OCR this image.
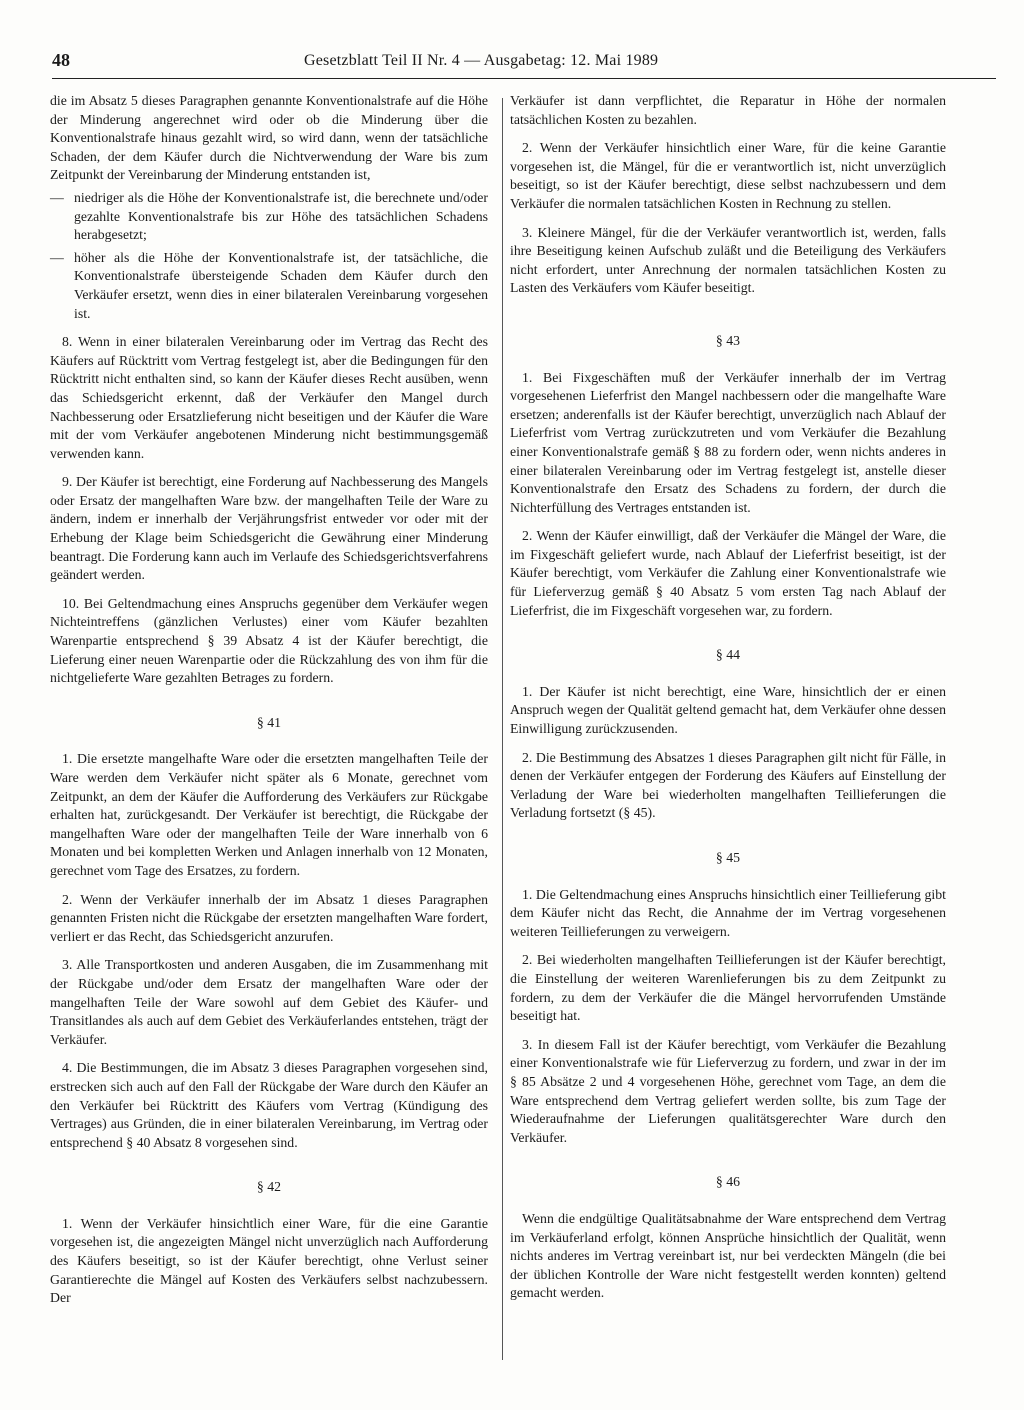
48	Gesetzblatt Teil II Nr. 4 — Ausgabetag: 12. Mai 1989

die im Absatz 5 dieses Paragraphen genannte Konventionalstrafe auf die Höhe der Minderung angerechnet wird oder ob die Minderung über die Konventionalstrafe hinaus gezahlt wird, so wird dann, wenn der tatsächliche Schaden, der dem Käufer durch die Nichtverwendung der Ware bis zum Zeitpunkt der Vereinbarung der Minderung entstanden ist,

— niedriger als die Höhe der Konventionalstrafe ist, die berechnete und/oder gezahlte Konventionalstrafe bis zur Höhe des tatsächlichen Schadens herabgesetzt;
— höher als die Höhe der Konventionalstrafe ist, der tatsächliche, die Konventionalstrafe übersteigende Schaden dem Käufer durch den Verkäufer ersetzt, wenn dies in einer bilateralen Vereinbarung vorgesehen ist.

8. Wenn in einer bilateralen Vereinbarung oder im Vertrag das Recht des Käufers auf Rücktritt vom Vertrag festgelegt ist, aber die Bedingungen für den Rücktritt nicht enthalten sind, so kann der Käufer dieses Recht ausüben, wenn das Schiedsgericht erkennt, daß der Verkäufer den Mangel durch Nachbesserung oder Ersatzlieferung nicht beseitigen und der Käufer die Ware mit der vom Verkäufer angebotenen Minderung nicht bestimmungsgemäß verwenden kann.

9. Der Käufer ist berechtigt, eine Forderung auf Nachbesserung des Mangels oder Ersatz der mangelhaften Ware bzw. der mangelhaften Teile der Ware zu ändern, indem er innerhalb der Verjährungsfrist entweder vor oder mit der Erhebung der Klage beim Schiedsgericht die Gewährung einer Minderung beantragt. Die Forderung kann auch im Verlaufe des Schiedsgerichtsverfahrens geändert werden.

10. Bei Geltendmachung eines Anspruchs gegenüber dem Verkäufer wegen Nichteintreffens (gänzlichen Verlustes) einer vom Käufer bezahlten Warenpartie entsprechend § 39 Absatz 4 ist der Käufer berechtigt, die Lieferung einer neuen Warenpartie oder die Rückzahlung des von ihm für die nichtgelieferte Ware gezahlten Betrages zu fordern.

§ 41

1. Die ersetzte mangelhafte Ware oder die ersetzten mangelhaften Teile der Ware werden dem Verkäufer nicht später als 6 Monate, gerechnet vom Zeitpunkt, an dem der Käufer die Aufforderung des Verkäufers zur Rückgabe erhalten hat, zurückgesandt. Der Verkäufer ist berechtigt, die Rückgabe der mangelhaften Ware oder der mangelhaften Teile der Ware innerhalb von 6 Monaten und bei kompletten Werken und Anlagen innerhalb von 12 Monaten, gerechnet vom Tage des Ersatzes, zu fordern.

2. Wenn der Verkäufer innerhalb der im Absatz 1 dieses Paragraphen genannten Fristen nicht die Rückgabe der ersetzten mangelhaften Ware fordert, verliert er das Recht, das Schiedsgericht anzurufen.

3. Alle Transportkosten und anderen Ausgaben, die im Zusammenhang mit der Rückgabe und/oder dem Ersatz der mangelhaften Ware oder der mangelhaften Teile der Ware sowohl auf dem Gebiet des Käufer- und Transitlandes als auch auf dem Gebiet des Verkäuferlandes entstehen, trägt der Verkäufer.

4. Die Bestimmungen, die im Absatz 3 dieses Paragraphen vorgesehen sind, erstrecken sich auch auf den Fall der Rückgabe der Ware durch den Käufer an den Verkäufer bei Rücktritt des Käufers vom Vertrag (Kündigung des Vertrages) aus Gründen, die in einer bilateralen Vereinbarung, im Vertrag oder entsprechend § 40 Absatz 8 vorgesehen sind.

§ 42

1. Wenn der Verkäufer hinsichtlich einer Ware, für die eine Garantie vorgesehen ist, die angezeigten Mängel nicht unverzüglich nach Aufforderung des Käufers beseitigt, so ist der Käufer berechtigt, ohne Verlust seiner Garantierechte die Mängel auf Kosten des Verkäufers selbst nachzubessern. Der

Verkäufer ist dann verpflichtet, die Reparatur in Höhe der normalen tatsächlichen Kosten zu bezahlen.

2. Wenn der Verkäufer hinsichtlich einer Ware, für die keine Garantie vorgesehen ist, die Mängel, für die er verantwortlich ist, nicht unverzüglich beseitigt, so ist der Käufer berechtigt, diese selbst nachzubessern und dem Verkäufer die normalen tatsächlichen Kosten in Rechnung zu stellen.

3. Kleinere Mängel, für die der Verkäufer verantwortlich ist, werden, falls ihre Beseitigung keinen Aufschub zuläßt und die Beteiligung des Verkäufers nicht erfordert, unter Anrechnung der normalen tatsächlichen Kosten zu Lasten des Verkäufers vom Käufer beseitigt.

§ 43

1. Bei Fixgeschäften muß der Verkäufer innerhalb der im Vertrag vorgesehenen Lieferfrist den Mangel nachbessern oder die mangelhafte Ware ersetzen; anderenfalls ist der Käufer berechtigt, unverzüglich nach Ablauf der Lieferfrist vom Vertrag zurückzutreten und vom Verkäufer die Bezahlung einer Konventionalstrafe gemäß § 88 zu fordern oder, wenn nichts anderes in einer bilateralen Vereinbarung oder im Vertrag festgelegt ist, anstelle dieser Konventionalstrafe den Ersatz des Schadens zu fordern, der durch die Nichterfüllung des Vertrages entstanden ist.

2. Wenn der Käufer einwilligt, daß der Verkäufer die Mängel der Ware, die im Fixgeschäft geliefert wurde, nach Ablauf der Lieferfrist beseitigt, ist der Käufer berechtigt, vom Verkäufer die Zahlung einer Konventionalstrafe wie für Lieferverzug gemäß § 40 Absatz 5 vom ersten Tag nach Ablauf der Lieferfrist, die im Fixgeschäft vorgesehen war, zu fordern.

§ 44

1. Der Käufer ist nicht berechtigt, eine Ware, hinsichtlich der er einen Anspruch wegen der Qualität geltend gemacht hat, dem Verkäufer ohne dessen Einwilligung zurückzusenden.

2. Die Bestimmung des Absatzes 1 dieses Paragraphen gilt nicht für Fälle, in denen der Verkäufer entgegen der Forderung des Käufers auf Einstellung der Verladung der Ware bei wiederholten mangelhaften Teillieferungen die Verladung fortsetzt (§ 45).

§ 45

1. Die Geltendmachung eines Anspruchs hinsichtlich einer Teillieferung gibt dem Käufer nicht das Recht, die Annahme der im Vertrag vorgesehenen weiteren Teillieferungen zu verweigern.

2. Bei wiederholten mangelhaften Teillieferungen ist der Käufer berechtigt, die Einstellung der weiteren Warenlieferungen bis zu dem Zeitpunkt zu fordern, zu dem der Verkäufer die die Mängel hervorrufenden Umstände beseitigt hat.

3. In diesem Fall ist der Käufer berechtigt, vom Verkäufer die Bezahlung einer Konventionalstrafe wie für Lieferverzug zu fordern, und zwar in der im § 85 Absätze 2 und 4 vorgesehenen Höhe, gerechnet vom Tage, an dem die Ware entsprechend dem Vertrag geliefert werden sollte, bis zum Tage der Wiederaufnahme der Lieferungen qualitätsgerechter Ware durch den Verkäufer.

§ 46

Wenn die endgültige Qualitätsabnahme der Ware entsprechend dem Vertrag im Verkäuferland erfolgt, können Ansprüche hinsichtlich der Qualität, wenn nichts anderes im Vertrag vereinbart ist, nur bei verdeckten Mängeln (die bei der üblichen Kontrolle der Ware nicht festgestellt werden konnten) geltend gemacht werden.
